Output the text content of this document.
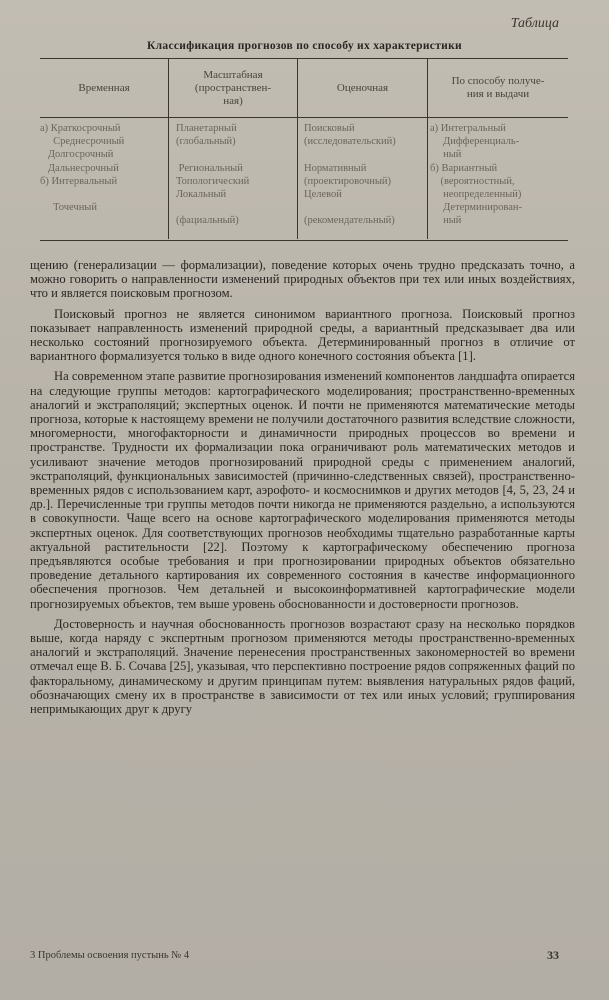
Таблица
Классификация прогнозов по способу их характеристики
Временная
Масштабная
(пространствен-
ная)
Оценочная
По способу получе-
ния и выдачи
а) Краткосрочный
Среднесрочный
Долгосрочный
Дальнесрочный
б) Интервальный

Точечный
Планетарный
(глобальный)

Региональный
Топологический
Локальный

(фациальный)
Поисковый
(исследовательский)

Нормативный
(проектировочный)
Целевой

(рекомендательный)
а) Интегральный
Дифференциаль-
ный
б) Вариантный
(вероятностный,
неопределенный)
Детерминирован-
ный

щению (генерализации — формализации), поведение которых очень трудно предсказать точно, а можно говорить о направленности изменений природных объектов при тех или иных воздействиях, что и является поисковым прогнозом.

Поисковый прогноз не является синонимом вариантного прогноза. Поисковый прогноз показывает направленность изменений природной среды, а вариантный предсказывает два или несколько состояний прогнозируемого объекта. Детерминированный прогноз в отличие от вариантного формализуется только в виде одного конечного состояния объекта [1].

На современном этапе развитие прогнозирования изменений компонентов ландшафта опирается на следующие группы методов: картографического моделирования; пространственно-временных аналогий и экстраполяций; экспертных оценок. И почти не применяются математические методы прогноза, которые к настоящему времени не получили достаточного развития вследствие сложности, многомерности, многофакторности и динамичности природных процессов во времени и пространстве. Трудности их формализации пока ограничивают роль математических методов и усиливают значение методов прогнозирований природной среды с применением аналогий, экстраполяций, функциональных зависимостей (причинно-следственных связей), пространственно-временных рядов с использованием карт, аэрофото- и космоснимков и других методов [4, 5, 23, 24 и др.]. Перечисленные три группы методов почти никогда не применяются раздельно, а используются в совокупности. Чаще всего на основе картографического моделирования применяются методы экспертных оценок. Для соответствующих прогнозов необходимы тщательно разработанные карты актуальной растительности [22]. Поэтому к картографическому обеспечению прогноза предъявляются особые требования и при прогнозировании природных объектов обязательно проведение детального картирования их современного состояния в качестве информационного обеспечения прогнозов. Чем детальней и высокоинформативней картографические модели прогнозируемых объектов, тем выше уровень обоснованности и достоверности прогнозов.

Достоверность и научная обоснованность прогнозов возрастают сразу на несколько порядков выше, когда наряду с экспертным прогнозом применяются методы пространственно-временных аналогий и экстраполяций. Значение перенесения пространственных закономерностей во времени отмечал еще В. Б. Сочава [25], указывая, что перспективно построение рядов сопряженных фаций по факторальному, динамическому и другим принципам путем: выявления натуральных рядов фаций, обозначающих смену их в пространстве в зависимости от тех или иных условий; группирования непримыкающих друг к другу

3 Проблемы освоения пустынь № 4	33
